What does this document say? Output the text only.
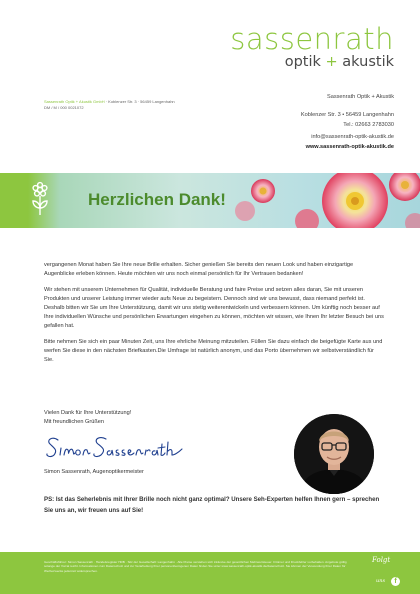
sassenrath
optik + akustik
Sassenrath Optik + Akustik GmbH · Koblenzer Str. 3 · 56459 Langenhahn
DM / M / 000 0021072
Sassenrath Optik + Akustik
Koblenzer Str. 3 • 56459 Langenhahn
Tel.: 02663 2783030
info@sassenrath-optik-akustik.de
www.sassenrath-optik-akustik.de
Herzlichen Dank!

vergangenen Monat haben Sie Ihre neue Brille erhalten. Sicher genießen Sie bereits den neuen Look und haben einzigartige Augenblicke erleben können. Heute möchten wir uns noch einmal persönlich für Ihr Vertrauen bedanken!

Wir stehen mit unserem Unternehmen für Qualität, individuelle Beratung und faire Preise und setzen alles daran, Sie mit unseren Produkten und unserer Leistung immer wieder aufs Neue zu begeistern. Dennoch sind wir uns bewusst, dass niemand perfekt ist. Deshalb bitten wir Sie um Ihre Unterstützung, damit wir uns stetig weiterentwickeln und verbessern können. Um künftig noch besser auf Ihre individuellen Wünsche und persönlichen Erwartungen eingehen zu können, möchten wir wissen, wie Ihnen Ihr letzter Besuch bei uns gefallen hat.

Bitte nehmen Sie sich ein paar Minuten Zeit, uns Ihre ehrliche Meinung mitzuteilen. Füllen Sie dazu einfach die beigefügte Karte aus und werfen Sie diese in den nächsten Briefkasten.Die Umfrage ist natürlich anonym, und das Porto übernehmen wir selbstverständlich für Sie.

Vielen Dank für Ihre Unterstützung!
Mit freundlichen Grüßen
Simon Sassenrath, Augenoptikermeister
PS: Ist das Seherlebnis mit Ihrer Brille noch nicht ganz optimal? Unsere Seh-Experten helfen Ihnen gern – sprechen Sie uns an, wir freuen uns auf Sie!
Geschäftsführer: Simon Sassenrath · Handelsregister HRB · Sitz der Gesellschaft: Langenhahn · Alle Preise verstehen sich inklusive der gesetzlichen Mehrwertsteuer. Irrtümer und Druckfehler vorbehalten. Angebote gültig solange der Vorrat reicht. Informationen zum Datenschutz und zur Verarbeitung Ihrer personenbezogenen Daten finden Sie unter www.sassenrath-optik-akustik.de/datenschutz. Sie können der Verwendung Ihrer Daten für Werbezwecke jederzeit widersprechen.
Folgt
uns	f
